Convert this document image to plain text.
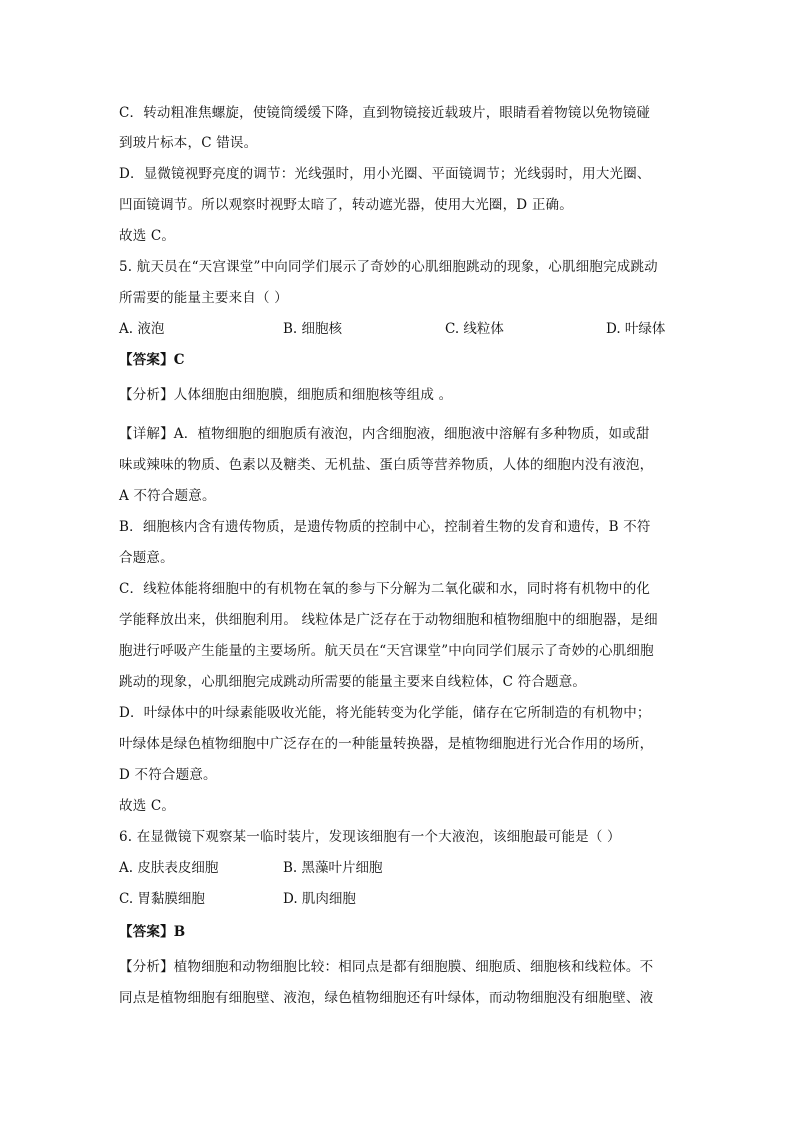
C．转动粗准焦螺旋，使镜筒缓缓下降，直到物镜接近载玻片，眼睛看着物镜以免物镜碰
到玻片标本，C 错误。
D．显微镜视野亮度的调节：光线强时，用小光圈、平面镜调节；光线弱时，用大光圈、
凹面镜调节。所以观察时视野太暗了，转动遮光器，使用大光圈，D 正确。
故选 C。
5. 航天员在“天宫课堂”中向同学们展示了奇妙的心肌细胞跳动的现象，心肌细胞完成跳动
所需要的能量主要来自（ ）
A. 液泡	B. 细胞核	C. 线粒体	D. 叶绿体
【答案】C
【分析】人体细胞由细胞膜，细胞质和细胞核等组成 。
【详解】A．植物细胞的细胞质有液泡，内含细胞液，细胞液中溶解有多种物质，如或甜
味或辣味的物质、色素以及糖类、无机盐、蛋白质等营养物质，人体的细胞内没有液泡，
A 不符合题意。
B．细胞核内含有遗传物质，是遗传物质的控制中心，控制着生物的发育和遗传，B 不符
合题意。
C．线粒体能将细胞中的有机物在氧的参与下分解为二氧化碳和水，同时将有机物中的化
学能释放出来，供细胞利用。 线粒体是广泛存在于动物细胞和植物细胞中的细胞器，是细
胞进行呼吸产生能量的主要场所。航天员在“天宫课堂”中向同学们展示了奇妙的心肌细胞
跳动的现象，心肌细胞完成跳动所需要的能量主要来自线粒体，C 符合题意。
D．叶绿体中的叶绿素能吸收光能，将光能转变为化学能，储存在它所制造的有机物中；
叶绿体是绿色植物细胞中广泛存在的一种能量转换器，是植物细胞进行光合作用的场所，
D 不符合题意。
故选 C。
6. 在显微镜下观察某一临时装片，发现该细胞有一个大液泡，该细胞最可能是（ ）
A. 皮肤表皮细胞	B. 黑藻叶片细胞
C. 胃黏膜细胞	D. 肌肉细胞
【答案】B
【分析】植物细胞和动物细胞比较：相同点是都有细胞膜、细胞质、细胞核和线粒体。不
同点是植物细胞有细胞壁、液泡，绿色植物细胞还有叶绿体，而动物细胞没有细胞壁、液
